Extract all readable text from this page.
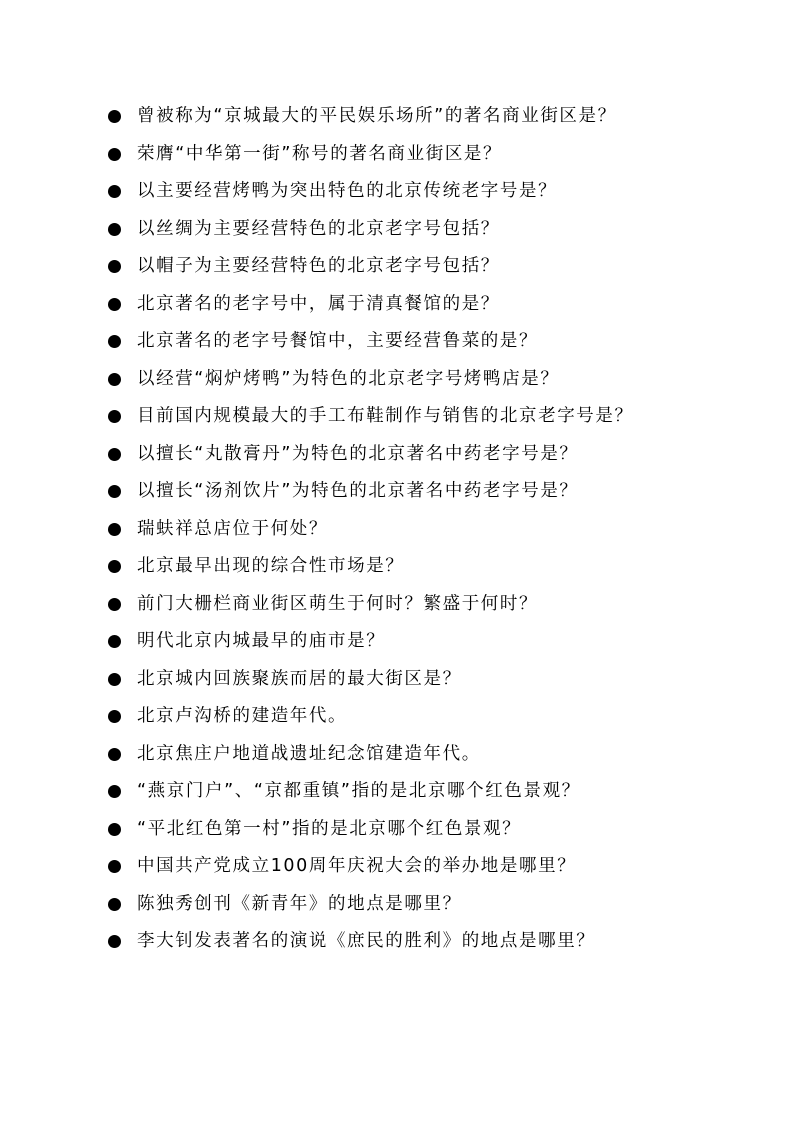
曾被称为“京城最大的平民娱乐场所”的著名商业街区是？
荣膺“中华第一街”称号的著名商业街区是？
以主要经营烤鸭为突出特色的北京传统老字号是？
以丝绸为主要经营特色的北京老字号包括？
以帽子为主要经营特色的北京老字号包括？
北京著名的老字号中，属于清真餐馆的是？
北京著名的老字号餐馆中，主要经营鲁菜的是？
以经营“焖炉烤鸭”为特色的北京老字号烤鸭店是？
目前国内规模最大的手工布鞋制作与销售的北京老字号是？
以擅长“丸散膏丹”为特色的北京著名中药老字号是？
以擅长“汤剂饮片”为特色的北京著名中药老字号是？
瑞蚨祥总店位于何处？
北京最早出现的综合性市场是？
前门大栅栏商业街区萌生于何时？繁盛于何时？
明代北京内城最早的庙市是？
北京城内回族聚族而居的最大街区是？
北京卢沟桥的建造年代。
北京焦庄户地道战遗址纪念馆建造年代。
“燕京门户”、“京都重镇”指的是北京哪个红色景观？
“平北红色第一村”指的是北京哪个红色景观？
中国共产党成立100周年庆祝大会的举办地是哪里？
陈独秀创刊《新青年》的地点是哪里？
李大钊发表著名的演说《庶民的胜利》的地点是哪里？
